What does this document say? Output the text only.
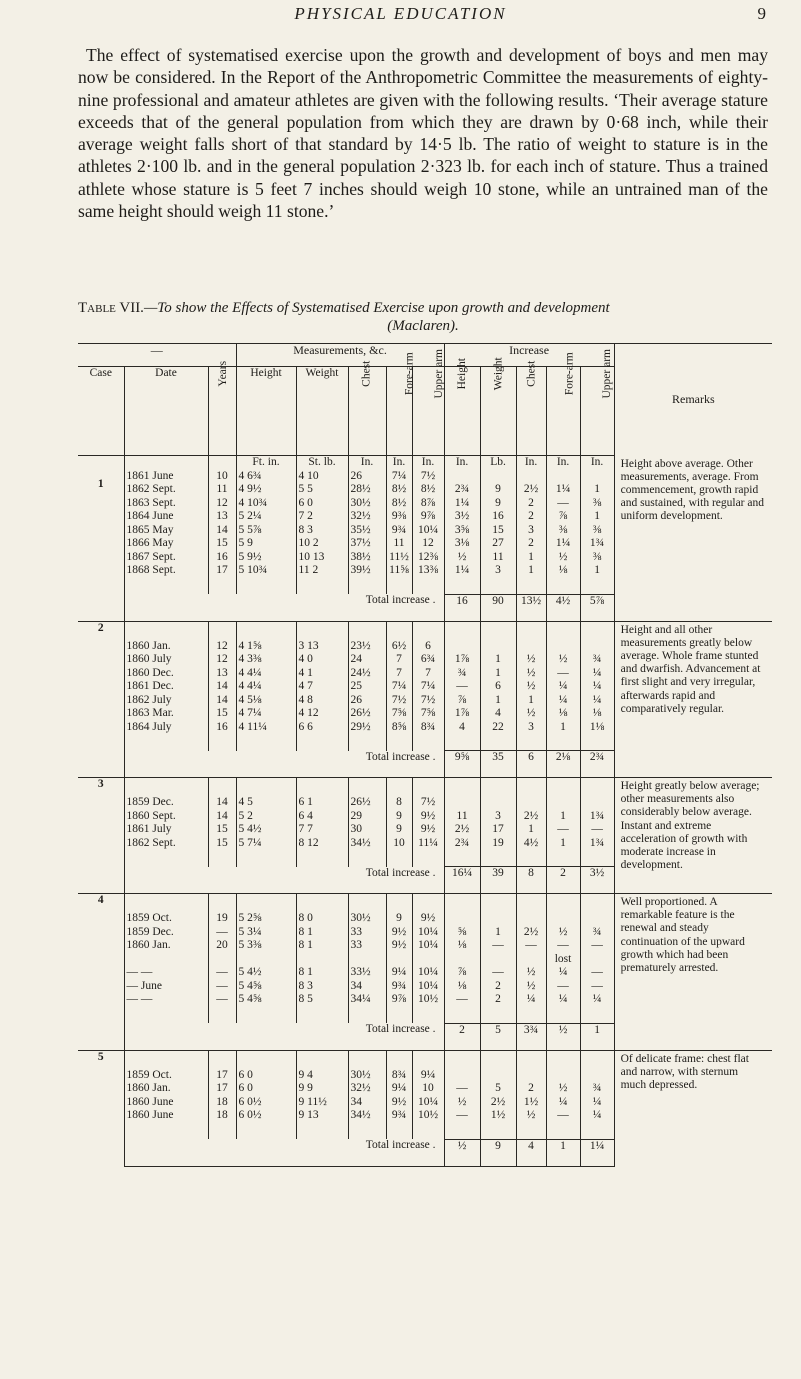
PHYSICAL EDUCATION	9

The effect of systematised exercise upon the growth and development of boys and men may now be considered. In the Report of the Anthropometric Committee the measurements of eighty-nine professional and amateur athletes are given with the following results. ‘Their average stature exceeds that of the general population from which they are drawn by 0·68 inch, while their average weight falls short of that standard by 14·5 lb. The ratio of weight to stature is in the athletes 2·100 lb. and in the general population 2·323 lb. for each inch of stature. Thus a trained athlete whose stature is 5 feet 7 inches should weigh 10 stone, while an untrained man of the same height should weigh 11 stone.’

Table VII.—To show the Effects of Systematised Exercise upon growth and development
(Maclaren).

—			Measurements, &c.					Increase					Remarks
Case	Date	Years	Height	Weight	Chest	Fore-arm	Upper arm	Height	Weight	Chest	Fore-arm	Upper arm	
1			Ft. in.	St. lb.	In.	In.	In.	In.	Lb.	In.	In.	In.	Height above average. Other measurements, average. From commencement, growth rapid and sustained, with regular and uniform development.
	1861 June	10	4 6¾	4 10	26	7¼	7½						
	1862 Sept.	11	4 9½	5 5	28½	8½	8½	2¾	9	2½	1¼	1	
	1863 Sept.	12	4 10¾	6 0	30½	8½	8⅞	1¼	9	2	—	⅜	
	1864 June	13	5 2¼	7 2	32½	9⅜	9⅞	3½	16	2	⅞	1	
	1865 May	14	5 5⅞	8 3	35½	9¾	10¼	3⅝	15	3	⅜	⅜	
	1866 May	15	5 9	10 2	37½	11	12	3⅛	27	2	1¼	1¾	
	1867 Sept.	16	5 9½	10 13	38½	11½	12⅜	½	11	1	½	⅜	
	1868 Sept.	17	5 10¾	11 2	39½	11⅝	13⅜	1¼	3	1	⅛	1	

	Total increase .							16	90	13½	4½	5⅞	
2	1860 Jan.	12	4 1⅝	3 13	23½	6½	6						Height and all other measurements greatly below average. Whole frame stunted and dwarfish. Advancement at first slight and very irregular, afterwards rapid and comparatively regular.
	1860 July	12	4 3⅜	4 0	24	7	6¾	1⅞	1	½	½	¾	
	1860 Dec.	13	4 4¼	4 1	24½	7	7	¾	1	½	—	¼	
	1861 Dec.	14	4 4¼	4 7	25	7¼	7¼	—	6	½	¼	¼	
	1862 July	14	4 5⅛	4 8	26	7½	7½	⅞	1	1	¼	¼	
	1863 Mar.	15	4 7¼	4 12	26½	7⅝	7⅝	1⅞	4	½	⅛	⅛	
	1864 July	16	4 11¼	6 6	29½	8⅝	8¾	4	22	3	1	1⅛	

	Total increase .							9⅝	35	6	2⅛	2¾	
3	1859 Dec.	14	4 5	6 1	26½	8	7½						Height greatly below average; other measurements also considerably below average. Instant and extreme acceleration of growth with moderate increase in development.
	1860 Sept.	14	5 2	6 4	29	9	9½	11	3	2½	1	1¾	
	1861 July	15	5 4½	7 7	30	9	9½	2½	17	1	—	—	
	1862 Sept.	15	5 7¼	8 12	34½	10	11¼	2¾	19	4½	1	1¾	

	Total increase .							16¼	39	8	2	3½	
4	1859 Oct.	19	5 2⅝	8 0	30½	9	9½						Well proportioned. A remarkable feature is the renewal and steady continuation of the upward growth which had been prematurely arrested.
	1859 Dec.	—	5 3¼	8 1	33	9½	10¼	⅝	1	2½	½	¾	
	1860 Jan.	20	5 3⅜	8 1	33	9½	10¼	⅛	—	—	—	—	
											lost		
	— —	—	5 4½	8 1	33½	9¼	10¼	⅞	—	½	¼	—	
	— June	—	5 4⅝	8 3	34	9¾	10¼	⅛	2	½	—	—	
	— —	—	5 4⅝	8 5	34¼	9⅞	10½	—	2	¼	¼	¼	

	Total increase .							2	5	3¾	½	1	
5	1859 Oct.	17	6 0	9 4	30½	8¾	9¼						Of delicate frame: chest flat and narrow, with sternum much depressed.
	1860 Jan.	17	6 0	9 9	32½	9¼	10	—	5	2	½	¾	
	1860 June	18	6 0½	9 11½	34	9½	10¼	½	2½	1½	¼	¼	
	1860 June	18	6 0½	9 13	34½	9¾	10½	—	1½	½	—	¼	

	Total increase .							½	9	4	1	1¼	
